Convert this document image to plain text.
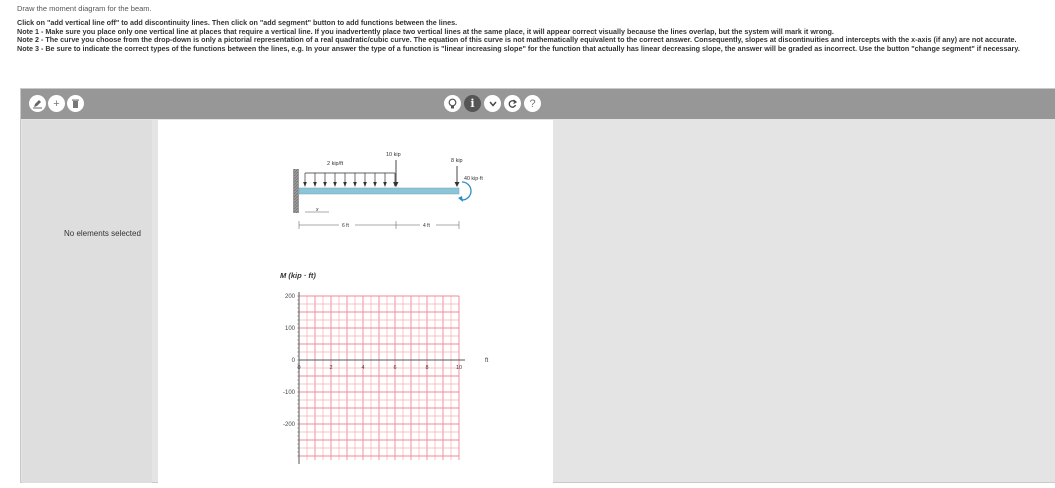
Draw the moment diagram for the beam.
Click on "add vertical line off" to add discontinuity lines. Then click on "add segment" button to add functions between the lines.
Note 1 - Make sure you place only one vertical line at places that require a vertical line. If you inadvertently place two vertical lines at the same place, it will appear correct visually because the lines overlap, but the system will mark it wrong.
Note 2 - The curve you choose from the drop-down is only a pictorial representation of a real quadratic/cubic curve. The equation of this curve is not mathematically equivalent to the correct answer. Consequently, slopes at discontinuities and intercepts with the x-axis (if any) are not accurate.
Note 3 - Be sure to indicate the correct types of the functions between the lines, e.g. In your answer the type of a function is "linear increasing slope" for the function that actually has linear decreasing slope, the answer will be graded as incorrect. Use the button "change segment" if necessary.
+	i	?
No elements selected
2 kip/ft
10 kip
8 kip
40 kip·ft
x
6 ft	4 ft
M (kip · ft)
200
100
0
-100
-200
0	2	4	6	8	10
ft
